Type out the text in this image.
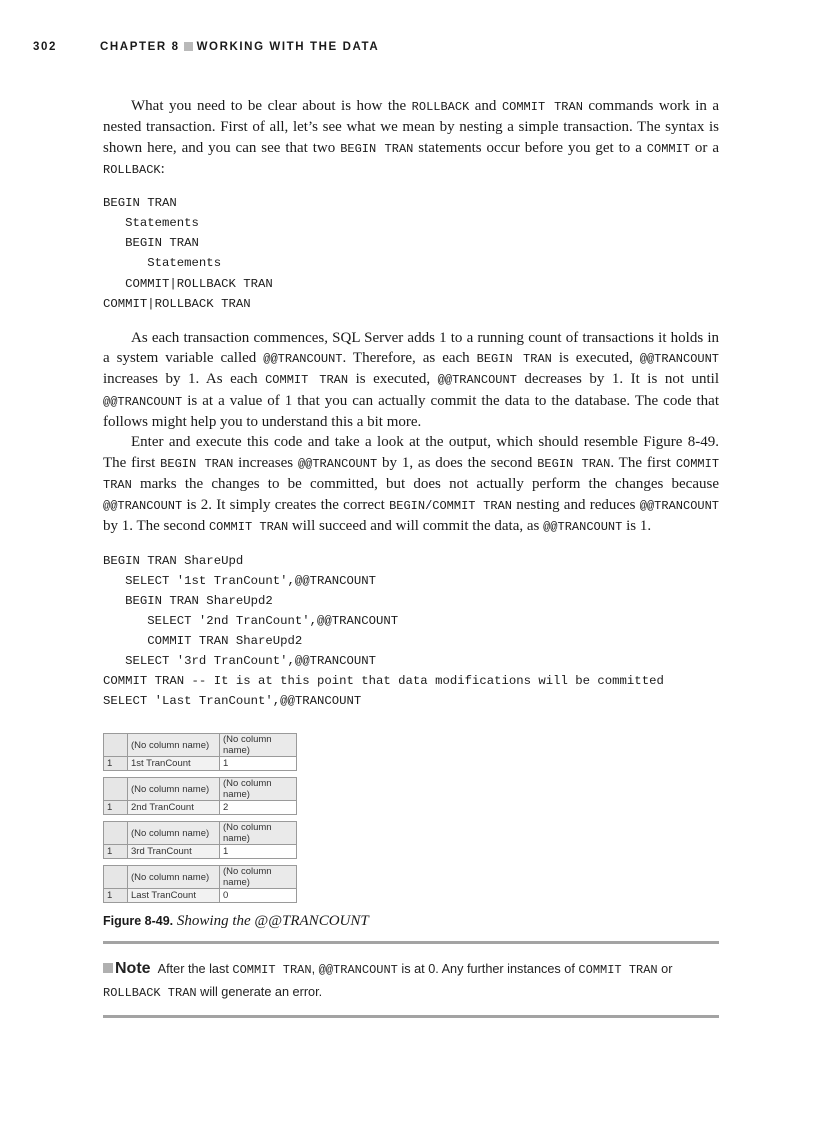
302	CHAPTER 8 WORKING WITH THE DATA

What you need to be clear about is how the ROLLBACK and COMMIT TRAN commands work in a nested transaction. First of all, let’s see what we mean by nesting a simple transaction. The syntax is shown here, and you can see that two BEGIN TRAN statements occur before you get to a COMMIT or a ROLLBACK:

BEGIN TRAN
Statements
BEGIN TRAN
Statements
COMMIT|ROLLBACK TRAN
COMMIT|ROLLBACK TRAN

As each transaction commences, SQL Server adds 1 to a running count of transactions it holds in a system variable called @@TRANCOUNT. Therefore, as each BEGIN TRAN is executed, @@TRANCOUNT increases by 1. As each COMMIT TRAN is executed, @@TRANCOUNT decreases by 1. It is not until @@TRANCOUNT is at a value of 1 that you can actually commit the data to the database. The code that follows might help you to understand this a bit more.

Enter and execute this code and take a look at the output, which should resemble Figure 8-49. The first BEGIN TRAN increases @@TRANCOUNT by 1, as does the second BEGIN TRAN. The first COMMIT TRAN marks the changes to be committed, but does not actually perform the changes because @@TRANCOUNT is 2. It simply creates the correct BEGIN/COMMIT TRAN nesting and reduces @@TRANCOUNT by 1. The second COMMIT TRAN will succeed and will commit the data, as @@TRANCOUNT is 1.

BEGIN TRAN ShareUpd
SELECT '1st TranCount',@@TRANCOUNT
BEGIN TRAN ShareUpd2
SELECT '2nd TranCount',@@TRANCOUNT
COMMIT TRAN ShareUpd2
SELECT '3rd TranCount',@@TRANCOUNT
COMMIT TRAN -- It is at this point that data modifications will be committed
SELECT 'Last TranCount',@@TRANCOUNT
	(No column name)	(No column name)
1	1st TranCount	1
	(No column name)	(No column name)
1	2nd TranCount	2
	(No column name)	(No column name)
1	3rd TranCount	1
	(No column name)	(No column name)
1	Last TranCount	0
Figure 8-49. Showing the @@TRANCOUNT
Note After the last COMMIT TRAN, @@TRANCOUNT is at 0. Any further instances of COMMIT TRAN or ROLLBACK TRAN will generate an error.
